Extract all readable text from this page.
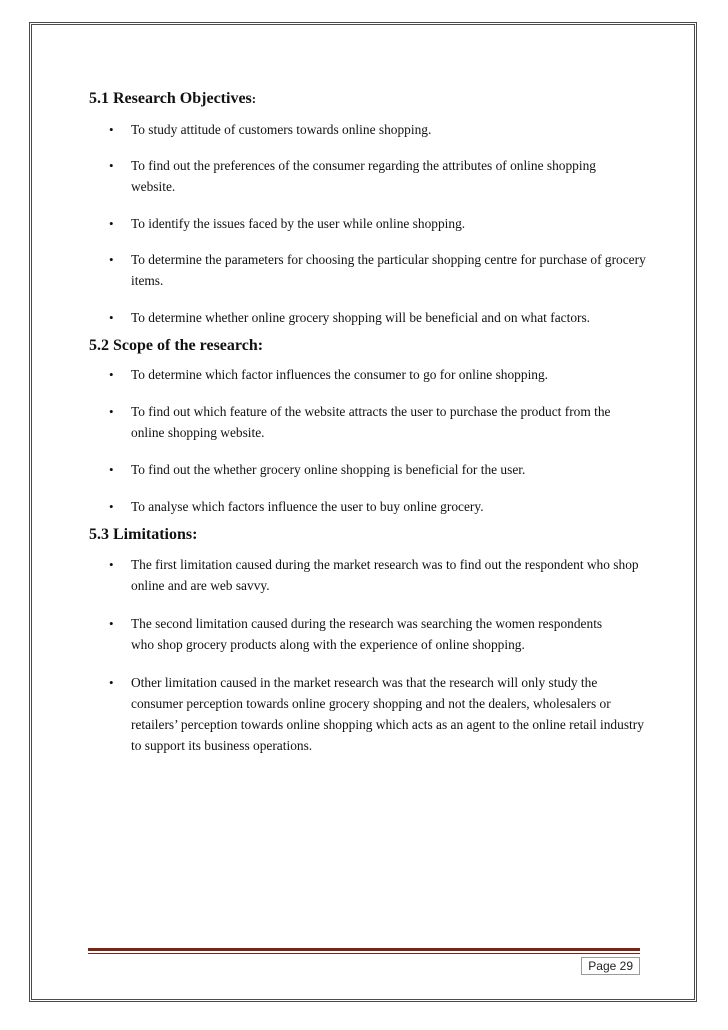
5.1 Research Objectives:
• To study attitude of customers towards online shopping.
• To find out the preferences of the consumer regarding the attributes of online shopping website.
• To identify the issues faced by the user while online shopping.
• To determine the parameters for choosing the particular shopping centre for purchase of grocery items.
• To determine whether online grocery shopping will be beneficial and on what factors.
5.2 Scope of the research:
• To determine which factor influences the consumer to go for online shopping.
• To find out which feature of the website attracts the user to purchase the product from the online shopping website.
• To find out the whether grocery online shopping is beneficial for the user.
• To analyse which factors influence the user to buy online grocery.
5.3 Limitations:
• The first limitation caused during the market research was to find out the respondent who shop online and are web savvy.
• The second limitation caused during the research was searching the women respondents who shop grocery products along with the experience of online shopping.
• Other limitation caused in the market research was that the research will only study the consumer perception towards online grocery shopping and not the dealers, wholesalers or retailers’ perception towards online shopping which acts as an agent to the online retail industry to support its business operations.
Page 29
